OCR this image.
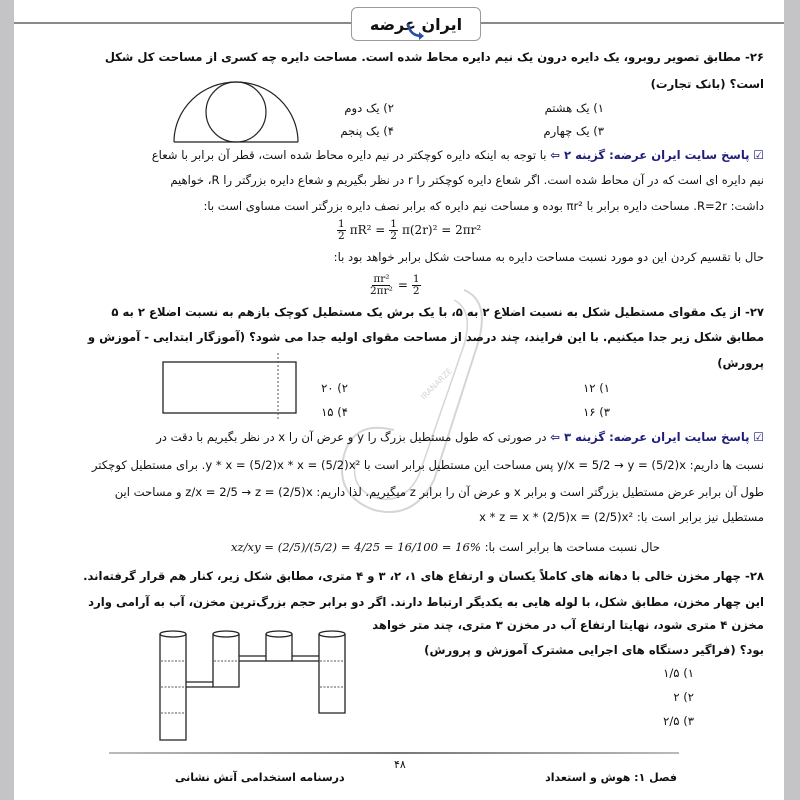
ایران عرضه
۲۶- مطابق تصویر روبرو، یک دایره درون یک نیم دایره محاط شده است. مساحت دایره چه کسری از مساحت کل شکل
است؟ (بانک تجارت)
۱) یک هشتم
۲) یک دوم
۳) یک چهارم
۴) یک پنجم
☑ پاسخ سایت ایران عرضه: گزینه ۲ ⇦ با توجه به اینکه دایره کوچکتر در نیم دایره محاط شده است، قطر آن برابر با شعاع
نیم دایره ای است که در آن محاط شده است. اگر شعاع دایره کوچکتر را r در نظر بگیریم و شعاع دایره بزرگتر را R، خواهیم
داشت: R=2r. مساحت دایره برابر با πr² بوده و مساحت نیم دایره که برابر نصف دایره بزرگتر است مساوی است با:
$\frac{1}{2} \pi R^2 = \frac{1}{2} \pi(2r)^2 = 2\pi r^2$
حال با تقسیم کردن این دو مورد نسبت مساحت دایره به مساحت شکل برابر خواهد بود با:
$\frac{\text{πr²}}{\text{2πr²}} = \frac{1}{2}$
IRANARZE
۲۷- از یک مقوای مستطیل شکل به نسبت اضلاع ۲ به ۵، با یک برش یک مستطیل کوچک بازهم به نسبت اضلاع ۲ به ۵
مطابق شکل زیر جدا میکنیم. با این فرایند، چند درصد از مساحت مقوای اولیه جدا می شود؟ (آموزگار ابتدایی - آموزش و
پرورش)
۱) ۱۲
۲) ۲۰
۳) ۱۶
۴) ۱۵
☑ پاسخ سایت ایران عرضه: گزینه ۳ ⇦ در صورتی که طول مستطیل بزرگ را y و عرض آن را x در نظر بگیریم با دقت در
نسبت ها داریم: y/x = 5/2 → y = (5/2)x پس مساحت این مستطیل برابر است با y * x = (5/2)x * x = (5/2)x². برای مستطیل کوچکتر
طول آن برابر عرض مستطیل بزرگتر است و برابر x و عرض آن را برابر z میگیریم. لذا داریم: z/x = 2/5 → z = (2/5)x و مساحت این
مستطیل نیز برابر است با: x * z = x * (2/5)x = (2/5)x²
حال نسبت مساحت ها برابر است با: xz/xy = (2/5)/(5/2) = 4/25 = 16/100 = 16%
۲۸- چهار مخزن خالی با دهانه های کاملاً یکسان و ارتفاع های ۱، ۲، ۳ و ۴ متری، مطابق شکل زیر، کنار هم قرار گرفته‌اند.
این چهار مخزن، مطابق شکل، با لوله هایی به یکدیگر ارتباط دارند. اگر دو برابر حجم بزرگ‌ترین مخزن، آب به آرامی وارد
مخزن ۴ متری شود، نهایتا ارتفاع آب در مخزن ۳ متری، چند متر خواهد
بود؟ (فراگیر دستگاه های اجرایی مشترک آموزش و پرورش)
۱) ۱/۵
۲) ۲
۳) ۲/۵
۴۸
فصل ۱: هوش و استعداد
درسنامه استخدامی آتش نشانی
